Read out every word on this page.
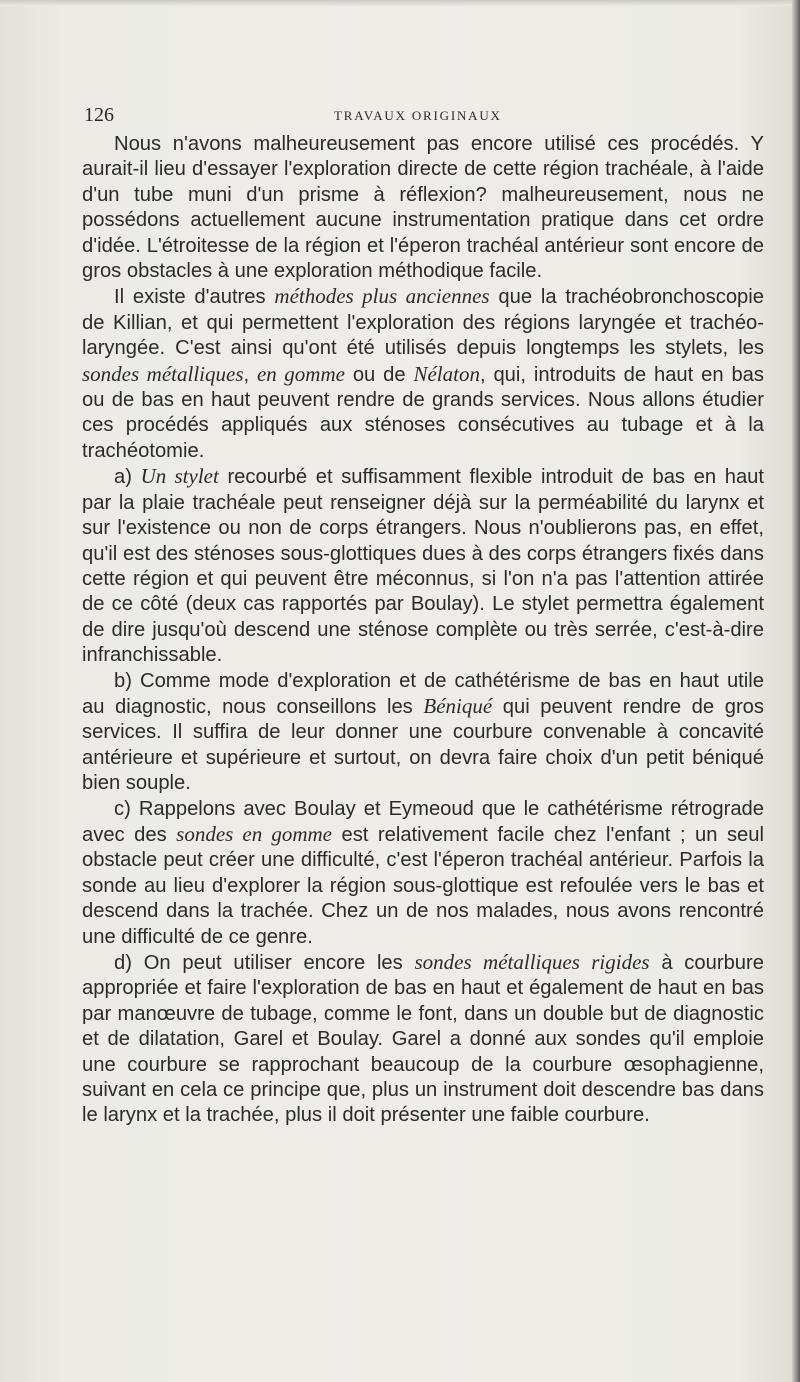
126	TRAVAUX ORIGINAUX

Nous n'avons malheureusement pas encore utilisé ces procédés. Y aurait-il lieu d'essayer l'exploration directe de cette région trachéale, à l'aide d'un tube muni d'un prisme à réflexion? malheureusement, nous ne possédons actuellement aucune instrumentation pratique dans cet ordre d'idée. L'étroitesse de la région et l'éperon trachéal antérieur sont encore de gros obstacles à une exploration méthodique facile.

Il existe d'autres méthodes plus anciennes que la trachéobronchoscopie de Killian, et qui permettent l'exploration des régions laryngée et trachéo-laryngée. C'est ainsi qu'ont été utilisés depuis longtemps les stylets, les sondes métalliques, en gomme ou de Nélaton, qui, introduits de haut en bas ou de bas en haut peuvent rendre de grands services. Nous allons étudier ces procédés appliqués aux sténoses consécutives au tubage et à la trachéotomie.

a) Un stylet recourbé et suffisamment flexible introduit de bas en haut par la plaie trachéale peut renseigner déjà sur la perméabilité du larynx et sur l'existence ou non de corps étrangers. Nous n'oublierons pas, en effet, qu'il est des sténoses sous-glottiques dues à des corps étrangers fixés dans cette région et qui peuvent être méconnus, si l'on n'a pas l'attention attirée de ce côté (deux cas rapportés par Boulay). Le stylet permettra également de dire jusqu'où descend une sténose complète ou très serrée, c'est-à-dire infranchissable.

b) Comme mode d'exploration et de cathétérisme de bas en haut utile au diagnostic, nous conseillons les Béniqué qui peuvent rendre de gros services. Il suffira de leur donner une courbure convenable à concavité antérieure et supérieure et surtout, on devra faire choix d'un petit béniqué bien souple.

c) Rappelons avec Boulay et Eymeoud que le cathétérisme rétrograde avec des sondes en gomme est relativement facile chez l'enfant ; un seul obstacle peut créer une difficulté, c'est l'éperon trachéal antérieur. Parfois la sonde au lieu d'explorer la région sous-glottique est refoulée vers le bas et descend dans la trachée. Chez un de nos malades, nous avons rencontré une difficulté de ce genre.

d) On peut utiliser encore les sondes métalliques rigides à courbure appropriée et faire l'exploration de bas en haut et également de haut en bas par manœuvre de tubage, comme le font, dans un double but de diagnostic et de dilatation, Garel et Boulay. Garel a donné aux sondes qu'il emploie une courbure se rapprochant beaucoup de la courbure œsophagienne, suivant en cela ce principe que, plus un instrument doit descendre bas dans le larynx et la trachée, plus il doit présenter une faible courbure.
